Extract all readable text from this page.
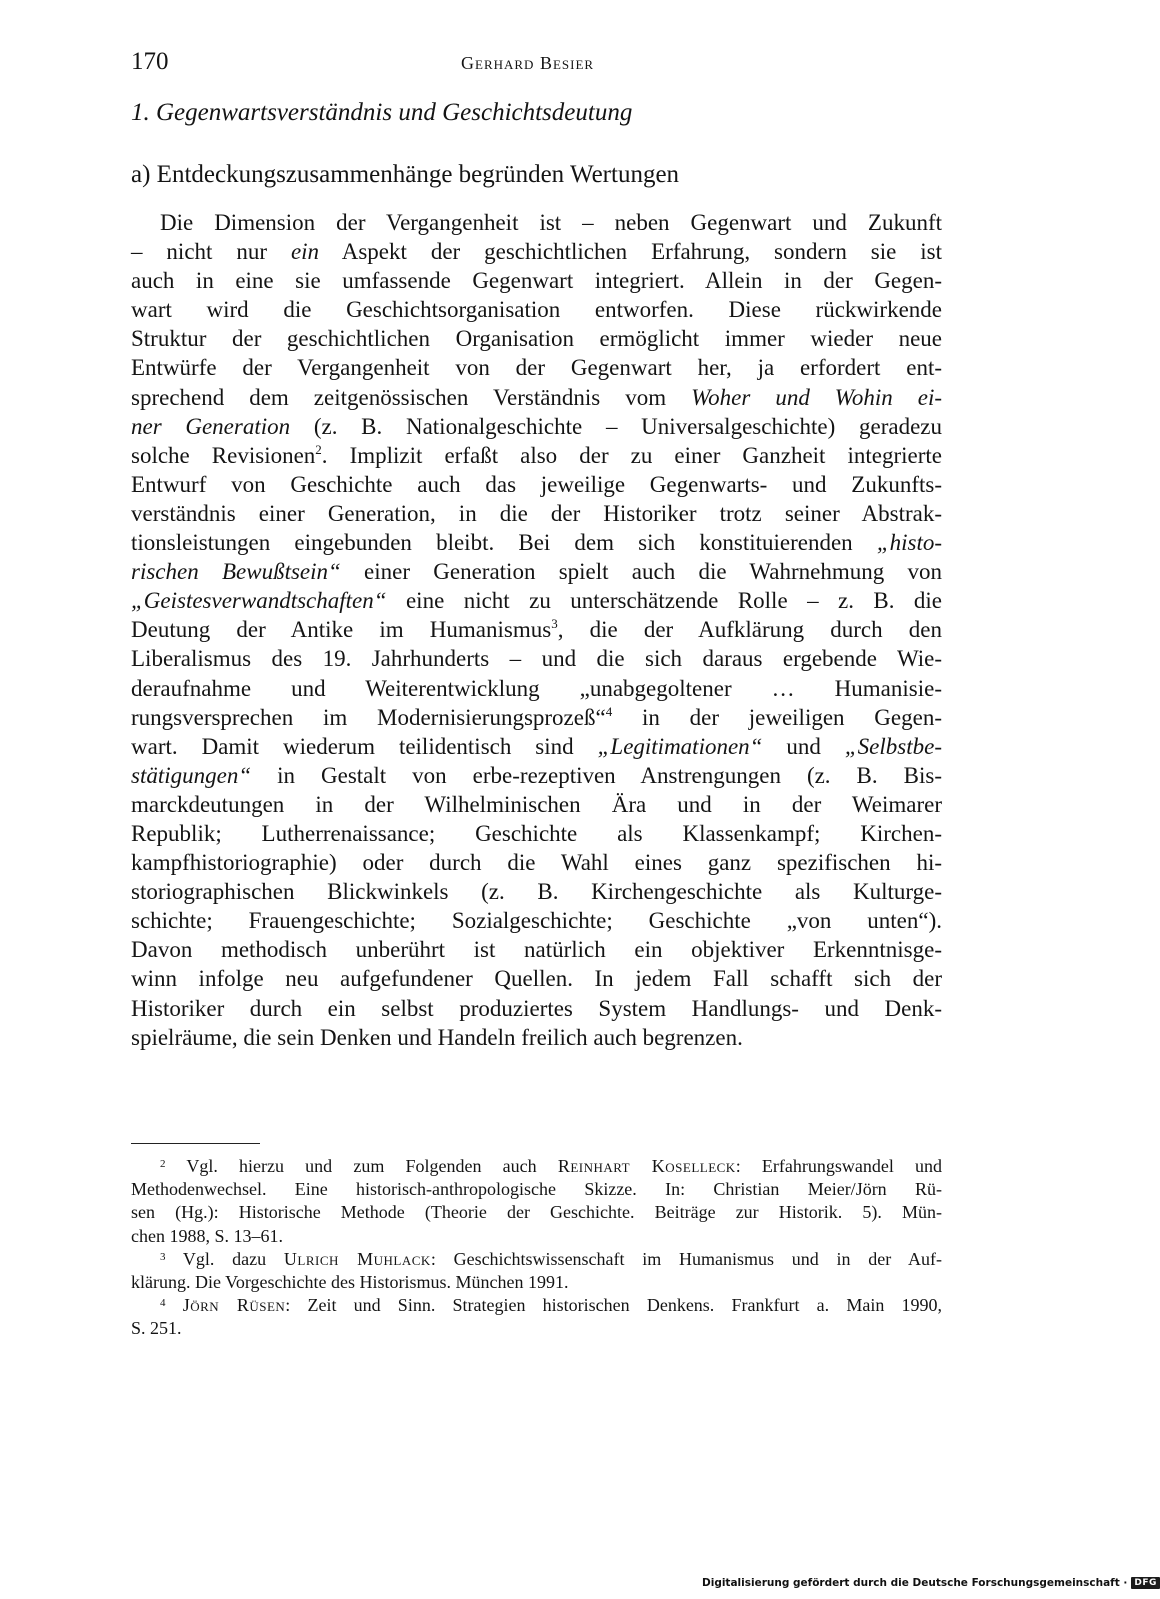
170	Gerhard Besier
1. Gegenwartsverständnis und Geschichtsdeutung
a) Entdeckungszusammenhänge begründen Wertungen
Die Dimension der Vergangenheit ist – neben Gegenwart und Zukunft
– nicht nur ein Aspekt der geschichtlichen Erfahrung, sondern sie ist
auch in eine sie umfassende Gegenwart integriert. Allein in der Gegen-
wart wird die Geschichtsorganisation entworfen. Diese rückwirkende
Struktur der geschichtlichen Organisation ermöglicht immer wieder neue
Entwürfe der Vergangenheit von der Gegenwart her, ja erfordert ent-
sprechend dem zeitgenössischen Verständnis vom Woher und Wohin ei-
ner Generation (z. B. Nationalgeschichte – Universalgeschichte) geradezu
solche Revisionen$^2$. Implizit erfaßt also der zu einer Ganzheit integrierte
Entwurf von Geschichte auch das jeweilige Gegenwarts- und Zukunfts-
verständnis einer Generation, in die der Historiker trotz seiner Abstrak-
tionsleistungen eingebunden bleibt. Bei dem sich konstituierenden „histo-
rischen Bewußtsein“ einer Generation spielt auch die Wahrnehmung von
„Geistesverwandtschaften“ eine nicht zu unterschätzende Rolle – z. B. die
Deutung der Antike im Humanismus$^3$, die der Aufklärung durch den
Liberalismus des 19. Jahrhunderts – und die sich daraus ergebende Wie-
deraufnahme und Weiterentwicklung „unabgegoltener … Humanisie-
rungsversprechen im Modernisierungsprozeß“$^4$ in der jeweiligen Gegen-
wart. Damit wiederum teilidentisch sind „Legitimationen“ und „Selbstbe-
stätigungen“ in Gestalt von erbe-rezeptiven Anstrengungen (z. B. Bis-
marckdeutungen in der Wilhelminischen Ära und in der Weimarer
Republik; Lutherrenaissance; Geschichte als Klassenkampf; Kirchen-
kampfhistoriographie) oder durch die Wahl eines ganz spezifischen hi-
storiographischen Blickwinkels (z. B. Kirchengeschichte als Kulturge-
schichte; Frauengeschichte; Sozialgeschichte; Geschichte „von unten“).
Davon methodisch unberührt ist natürlich ein objektiver Erkenntnisge-
winn infolge neu aufgefundener Quellen. In jedem Fall schafft sich der
Historiker durch ein selbst produziertes System Handlungs- und Denk-
spielräume, die sein Denken und Handeln freilich auch begrenzen.
$^2$ Vgl. hierzu und zum Folgenden auch Reinhart Koselleck: Erfahrungswandel und
Methodenwechsel. Eine historisch-anthropologische Skizze. In: Christian Meier/Jörn Rü-
sen (Hg.): Historische Methode (Theorie der Geschichte. Beiträge zur Historik. 5). Mün-
chen 1988, S. 13–61.
$^3$ Vgl. dazu Ulrich Muhlack: Geschichtswissenschaft im Humanismus und in der Auf-
klärung. Die Vorgeschichte des Historismus. München 1991.
$^4$ Jörn Rüsen: Zeit und Sinn. Strategien historischen Denkens. Frankfurt a. Main 1990,
S. 251.
Digitalisierung gefördert durch die Deutsche Forschungsgemeinschaft · DFG
